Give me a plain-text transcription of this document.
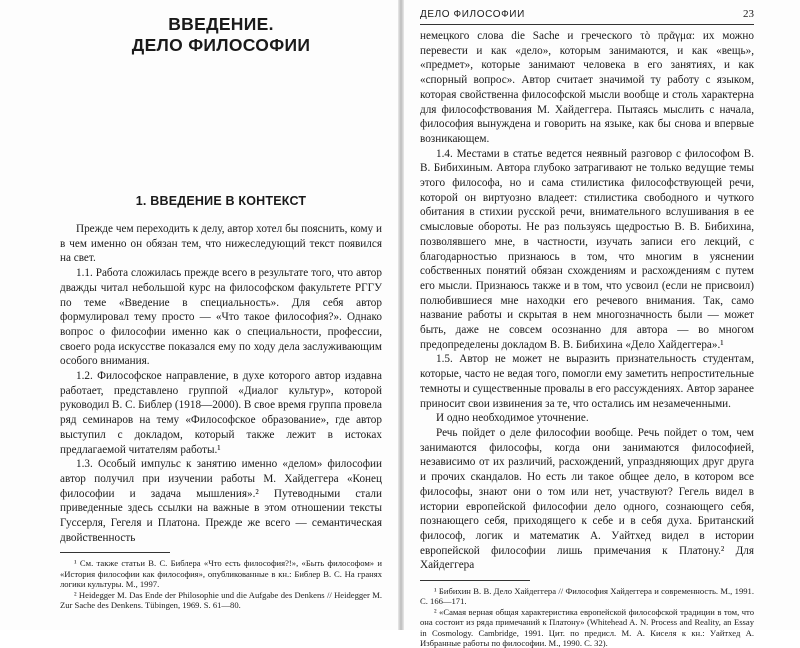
ВВЕДЕНИЕ.
ДЕЛО ФИЛОСОФИИ
1. ВВЕДЕНИЕ В КОНТЕКСТ

Прежде чем переходить к делу, автор хотел бы пояснить, кому и в чем именно он обязан тем, что нижеследующий текст появился на свет.

1.1. Работа сложилась прежде всего в результате того, что автор дважды читал небольшой курс на философском факультете РГГУ по теме «Введение в специальность». Для себя автор формулировал тему просто — «Что такое философия?». Однако вопрос о философии именно как о специальности, профессии, своего рода искусстве показался ему по ходу дела заслуживающим особого внимания.

1.2. Философское направление, в духе которого автор издавна работает, представлено группой «Диалог культур», которой руководил В. С. Библер (1918—2000). В свое время группа провела ряд семинаров на тему «Философское образование», где автор выступил с докладом, который также лежит в истоках предлагаемой читателям работы.¹

1.3. Особый импульс к занятию именно «делом» философии автор получил при изучении работы М. Хайдеггера «Конец философии и задача мышления».² Путеводными стали приведенные здесь ссылки на важные в этом отношении тексты Гуссерля, Гегеля и Платона. Прежде же всего — семантическая двойственность

¹ См. также статьи В. С. Библера «Что есть философия?!», «Быть философом» и «История философии как философия», опубликованные в кн.: Библер В. С. На гранях логики культуры. М., 1997.

² Heidegger M. Das Ende der Philosophie und die Aufgabe des Denkens // Heidegger M. Zur Sache des Denkens. Tübingen, 1969. S. 61—80.

ДЕЛО ФИЛОСОФИИ	23

немецкого слова die Sache и греческого τὸ πρᾶγμα: их можно перевести и как «дело», которым занимаются, и как «вещь», «предмет», которые занимают человека в его занятиях, и как «спорный вопрос». Автор считает значимой ту работу с языком, которая свойственна философской мысли вообще и столь характерна для философствования М. Хайдеггера. Пытаясь мыслить с начала, философия вынуждена и говорить на языке, как бы снова и впервые возникающем.

1.4. Местами в статье ведется неявный разговор с философом В. В. Бибихиным. Автора глубоко затрагивают не только ведущие темы этого философа, но и сама стилистика философствующей речи, которой он виртуозно владеет: стилистика свободного и чуткого обитания в стихии русской речи, внимательного вслушивания в ее смысловые обороты. Не раз пользуясь щедростью В. В. Бибихина, позволявшего мне, в частности, изучать записи его лекций, с благодарностью признаюсь в том, что многим в уяснении собственных понятий обязан схождениям и расхождениям с путем его мысли. Признаюсь также и в том, что усвоил (если не присвоил) полюбившиеся мне находки его речевого внимания. Так, само название работы и скрытая в нем многозначность были — может быть, даже не совсем осознанно для автора — во многом предопределены докладом В. В. Бибихина «Дело Хайдеггера».¹

1.5. Автор не может не выразить признательность студентам, которые, часто не ведая того, помогли ему заметить непростительные темноты и существенные провалы в его рассуждениях. Автор заранее приносит свои извинения за те, что остались им незамеченными.

И одно необходимое уточнение.

Речь пойдет о деле философии вообще. Речь пойдет о том, чем занимаются философы, когда они занимаются философией, независимо от их различий, расхождений, упраздняющих друг друга и прочих скандалов. Но есть ли такое общее дело, в котором все философы, знают они о том или нет, участвуют? Гегель видел в истории европейской философии дело одного, сознающего себя, познающего себя, приходящего к себе и в себя духа. Британский философ, логик и математик А. Уайтхед видел в истории европейской философии лишь примечания к Платону.² Для Хайдеггера

¹ Бибихин В. В. Дело Хайдеггера // Философия Хайдеггера и современность. М., 1991. С. 166—171.

² «Самая верная общая характеристика европейской философской традиции в том, что она состоит из ряда примечаний к Платону» (Whitehead A. N. Process and Reality, an Essay in Cosmology. Cambridge, 1991. Цит. по предисл. М. А. Киселя к кн.: Уайтхед А. Избранные работы по философии. М., 1990. С. 32).
